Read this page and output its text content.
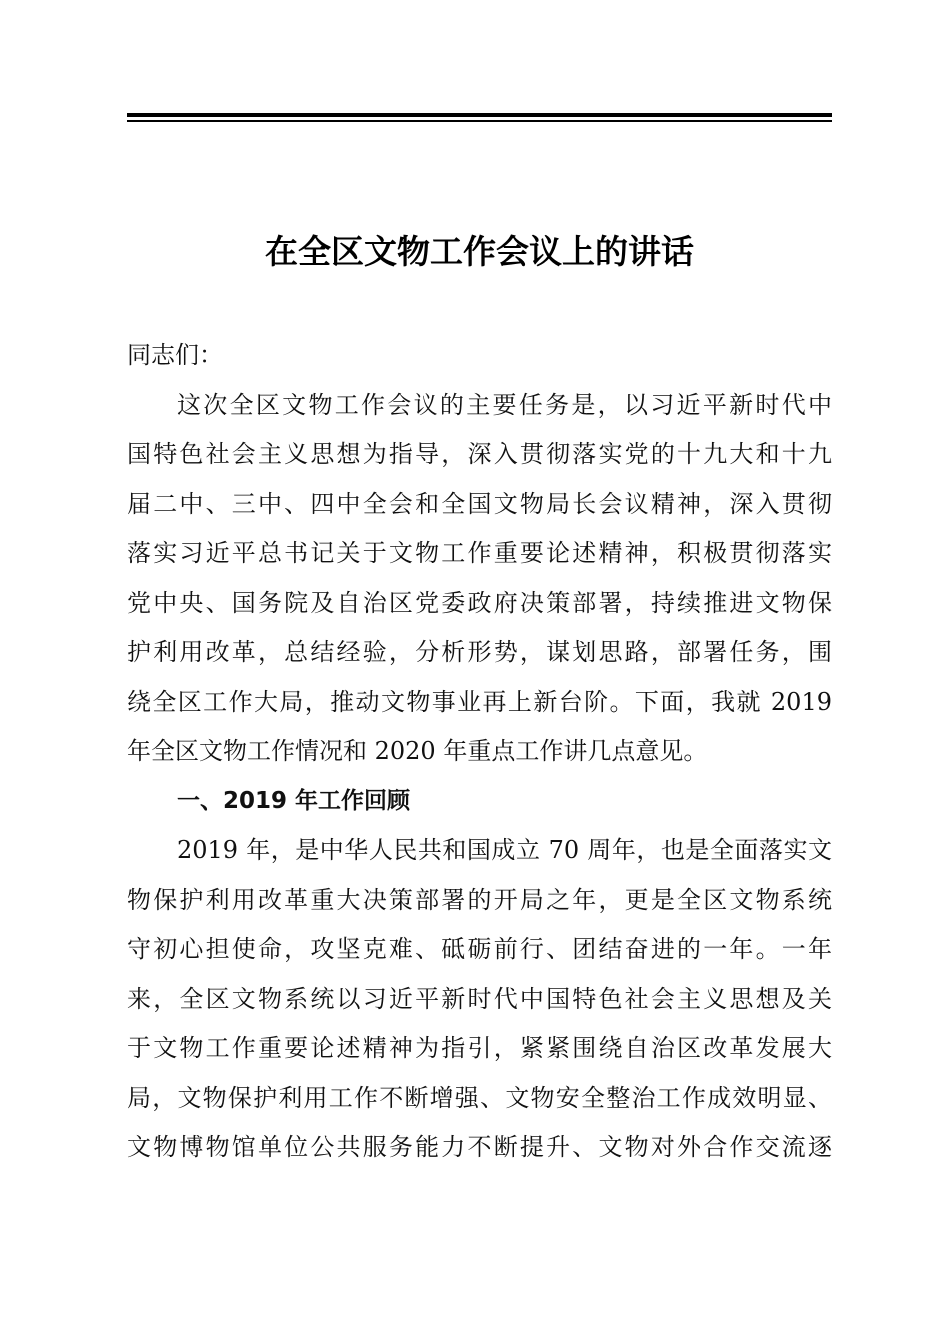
在全区文物工作会议上的讲话
同志们：
这次全区文物工作会议的主要任务是，以习近平新时代中
国特色社会主义思想为指导，深入贯彻落实党的十九大和十九
届二中、三中、四中全会和全国文物局长会议精神，深入贯彻
落实习近平总书记关于文物工作重要论述精神，积极贯彻落实
党中央、国务院及自治区党委政府决策部署，持续推进文物保
护利用改革，总结经验，分析形势，谋划思路，部署任务，围
绕全区工作大局，推动文物事业再上新台阶。下面，我就 2019
年全区文物工作情况和 2020 年重点工作讲几点意见。
一、2019 年工作回顾
2019 年，是中华人民共和国成立 70 周年，也是全面落实文
物保护利用改革重大决策部署的开局之年，更是全区文物系统
守初心担使命，攻坚克难、砥砺前行、团结奋进的一年。一年
来，全区文物系统以习近平新时代中国特色社会主义思想及关
于文物工作重要论述精神为指引，紧紧围绕自治区改革发展大
局，文物保护利用工作不断增强、文物安全整治工作成效明显、
文物博物馆单位公共服务能力不断提升、文物对外合作交流逐
